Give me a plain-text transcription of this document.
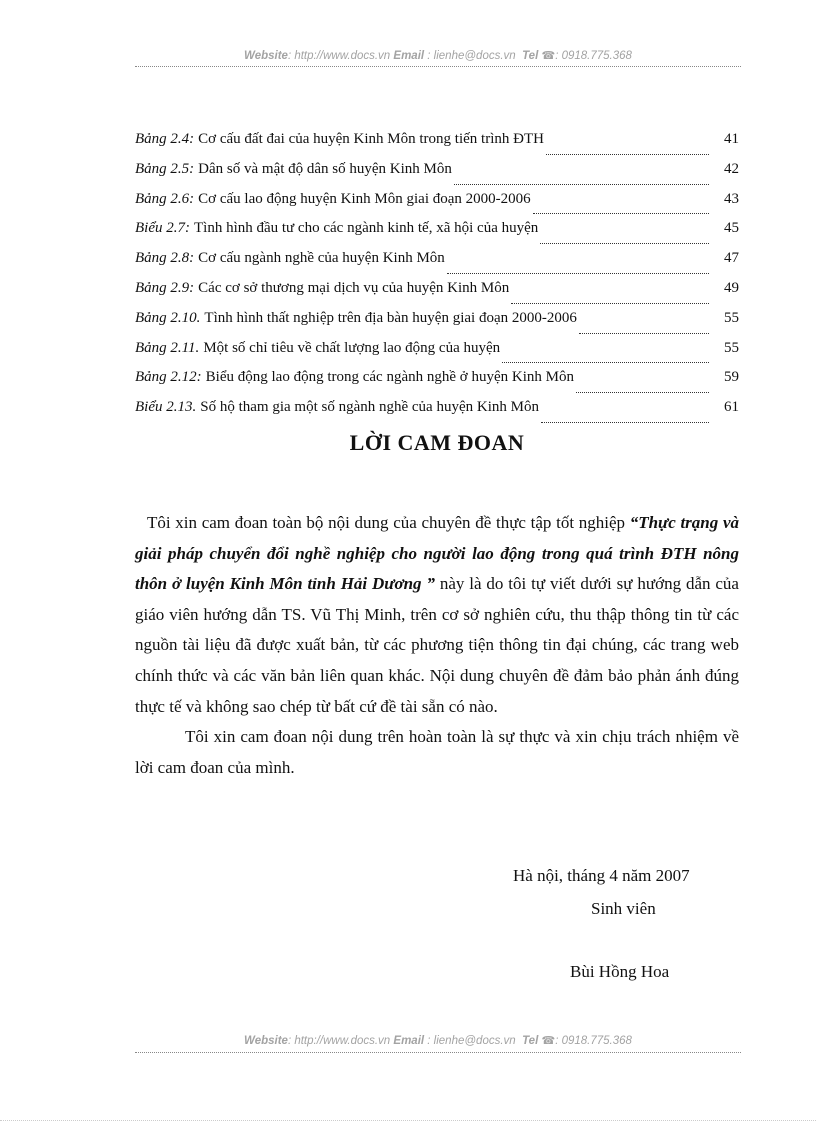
Website: http://www.docs.vn Email : lienhe@docs.vn Tel ☎: 0918.775.368
Bảng 2.4: Cơ cấu đất đai của huyện Kinh Môn trong tiến trình ĐTH	41
Bảng 2.5: Dân số và mật độ dân số huyện Kinh Môn	42
Bảng 2.6: Cơ cấu lao động huyện Kinh Môn giai đoạn 2000-2006	43
Biểu 2.7: Tình hình đầu tư cho các ngành kinh tế, xã hội của huyện	45
Bảng 2.8: Cơ cấu ngành nghề của huyện Kinh Môn	47
Bảng 2.9: Các cơ sở thương mại dịch vụ của huyện Kinh Môn	49
Bảng 2.10. Tình hình thất nghiệp trên địa bàn huyện giai đoạn 2000-2006	55
Bảng 2.11. Một số chỉ tiêu về chất lượng lao động của huyện	55
Bảng 2.12: Biểu động lao động trong các ngành nghề ở huyện Kinh Môn	59
Biểu 2.13. Số hộ tham gia một số ngành nghề của huyện Kinh Môn	61
LỜI CAM ĐOAN

Tôi xin cam đoan toàn bộ nội dung của chuyên đề thực tập tốt nghiệp “Thực trạng và giải pháp chuyển đổi nghề nghiệp cho người lao động trong quá trình ĐTH nông thôn ở luyện Kinh Môn tỉnh Hải Dương ” này là do tôi tự viết dưới sự hướng dẫn của giáo viên hướng dẫn TS. Vũ Thị Minh, trên cơ sở nghiên cứu, thu thập thông tin từ các nguồn tài liệu đã được xuất bản, từ các phương tiện thông tin đại chúng, các trang web chính thức và các văn bản liên quan khác. Nội dung chuyên đề đảm bảo phản ánh đúng thực tế và không sao chép từ bất cứ đề tài sẵn có nào.

Tôi xin cam đoan nội dung trên hoàn toàn là sự thực và xin chịu trách nhiệm về lời cam đoan của mình.

Hà nội, tháng 4 năm 2007
Sinh viên
Bùi Hồng Hoa
Website: http://www.docs.vn Email : lienhe@docs.vn Tel ☎: 0918.775.368
